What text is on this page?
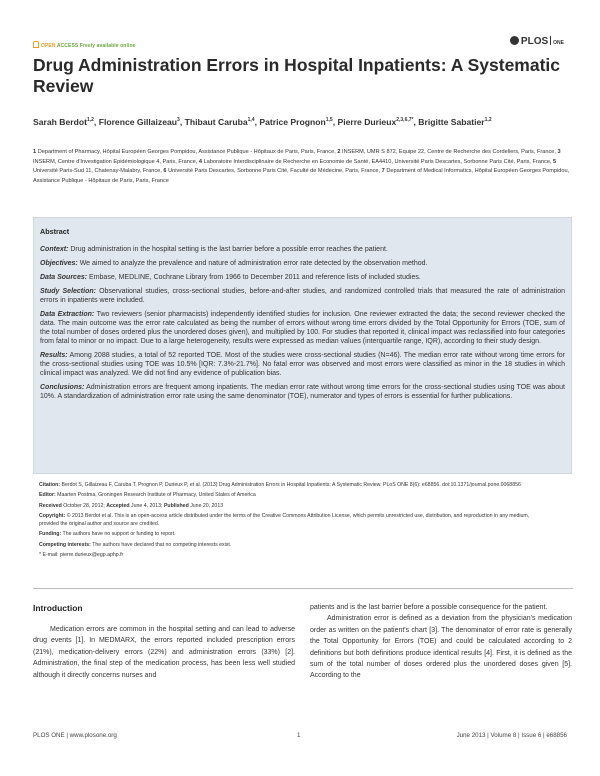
OPEN ACCESS Freely available online	PLOS ONE
Drug Administration Errors in Hospital Inpatients: A Systematic Review
Sarah Berdot$^{1,2}$, Florence Gillaizeau$^3$, Thibaut Caruba$^{1,4}$, Patrice Prognon$^{1,5}$, Pierre Durieux$^{2,3,6,7*}$, Brigitte Sabatier$^{1,2}$
1 Department of Pharmacy, Hôpital Européen Georges Pompidou, Assistance Publique - Hôpitaux de Paris, Paris, France, 2 INSERM, UMR S 872, Equipe 22, Centre de Recherche des Cordeliers, Paris, France, 3 INSERM, Centre d'Investigation Epidémiologique 4, Paris, France, 4 Laboratoire Interdisciplinaire de Recherche en Economie de Santé, EA4410, Université Paris Descartes, Sorbonne Paris Cité, Paris, France, 5 Université Paris-Sud 11, Chatenay-Malabry, France, 6 Université Paris Descartes, Sorbonne Paris Cité, Faculté de Médecine, Paris, France, 7 Department of Medical Informatics, Hôpital Européen Georges Pompidou, Assistance Publique - Hôpitaux de Paris, Paris, France
Abstract

Context: Drug administration in the hospital setting is the last barrier before a possible error reaches the patient.

Objectives: We aimed to analyze the prevalence and nature of administration error rate detected by the observation method.

Data Sources: Embase, MEDLINE, Cochrane Library from 1966 to December 2011 and reference lists of included studies.

Study Selection: Observational studies, cross-sectional studies, before-and-after studies, and randomized controlled trials that measured the rate of administration errors in inpatients were included.

Data Extraction: Two reviewers (senior pharmacists) independently identified studies for inclusion. One reviewer extracted the data; the second reviewer checked the data. The main outcome was the error rate calculated as being the number of errors without wrong time errors divided by the Total Opportunity for Errors (TOE, sum of the total number of doses ordered plus the unordered doses given), and multiplied by 100. For studies that reported it, clinical impact was reclassified into four categories from fatal to minor or no impact. Due to a large heterogeneity, results were expressed as median values (interquartile range, IQR), according to their study design.

Results: Among 2088 studies, a total of 52 reported TOE. Most of the studies were cross-sectional studies (N=46). The median error rate without wrong time errors for the cross-sectional studies using TOE was 10.5% [IQR: 7.3%-21.7%]. No fatal error was observed and most errors were classified as minor in the 18 studies in which clinical impact was analyzed. We did not find any evidence of publication bias.

Conclusions: Administration errors are frequent among inpatients. The median error rate without wrong time errors for the cross-sectional studies using TOE was about 10%. A standardization of administration error rate using the same denominator (TOE), numerator and types of errors is essential for further publications.

Citation: Berdot S, Gillaizeau F, Caruba T, Prognon P, Durieux P, et al. (2013) Drug Administration Errors in Hospital Inpatients: A Systematic Review. PLoS ONE 8(6): e68856. doi:10.1371/journal.pone.0068856

Editor: Maarten Postma, Groningen Research Institute of Pharmacy, United States of America

Received October 28, 2012; Accepted June 4, 2013; Published June 20, 2013

Copyright: © 2013 Berdot et al. This is an open-access article distributed under the terms of the Creative Commons Attribution License, which permits unrestricted use, distribution, and reproduction in any medium, provided the original author and source are credited.

Funding: The authors have no support or funding to report.

Competing interests: The authors have declared that no competing interests exist.

* E-mail: pierre.durieux@egp.aphp.fr

Introduction

Medication errors are common in the hospital setting and can lead to adverse drug events [1]. In MEDMARX, the errors reported included prescription errors (21%), medication-delivery errors (22%) and administration errors (33%) [2]. Administration, the final step of the medication process, has been less well studied although it directly concerns nurses and

patients and is the last barrier before a possible consequence for the patient.

Administration error is defined as a deviation from the physician's medication order as written on the patient's chart [3]. The denominator of error rate is generally the Total Opportunity for Errors (TOE) and could be calculated according to 2 definitions but both definitions produce identical results [4]. First, it is defined as the sum of the total number of doses ordered plus the unordered doses given [5]. According to the

PLOS ONE | www.plosone.org	1	June 2013 | Volume 8 | Issue 6 | e68856
